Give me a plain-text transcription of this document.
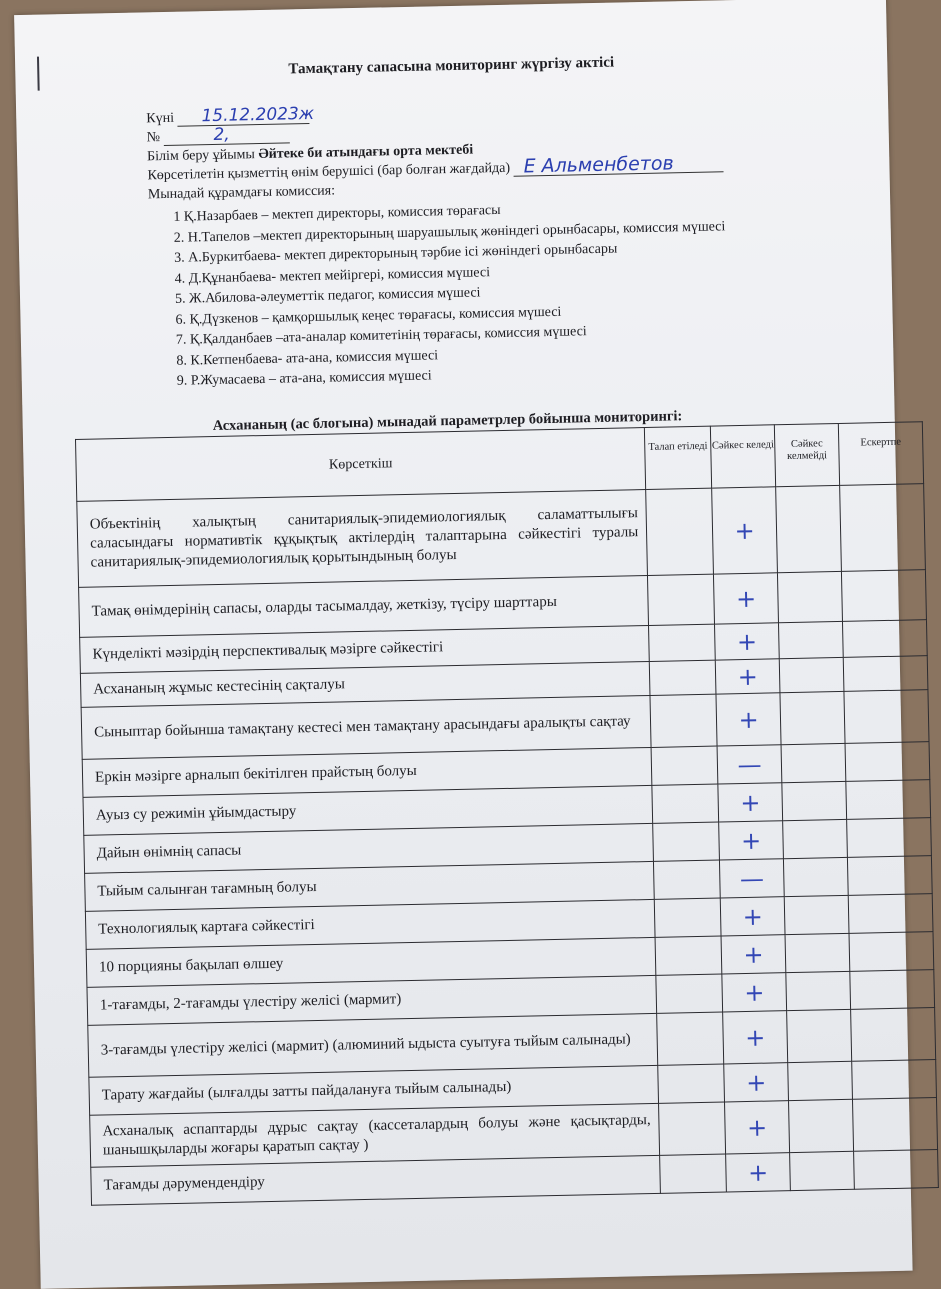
Тамақтану сапасына мониторинг жүргізу актісі
Күні 15.12.2023ж
№	2,
Білім беру ұйымы Әйтеке би атындағы орта мектебі
Көрсетілетін қызметтің өнім берушісі (бар болған жағдайда) Е Альменбетов
Мынадай құрамдағы комиссия:
1 Қ.Назарбаев – мектеп директоры, комиссия төрағасы
2. Н.Тапелов –мектеп директорының шаруашылық жөніндегі орынбасары, комиссия мүшесі
3. А.Буркитбаева- мектеп директорының тәрбие ісі жөніндегі орынбасары
4. Д.Құнанбаева- мектеп мейіргері, комиссия мүшесі
5. Ж.Абилова-әлеуметтік педагог, комиссия мүшесі
6. Қ.Дүзкенов – қамқоршылық кеңес төрағасы, комиссия мүшесі
7. Қ.Қалданбаев –ата-аналар комитетінің төрағасы, комиссия мүшесі
8. К.Кетпенбаева- ата-ана, комиссия мүшесі
9. Р.Жумасаева – ата-ана, комиссия мүшесі
Асхананың (ас блогына) мынадай параметрлер бойынша мониторингі:
Көрсеткіш	Талап етіледі	Сәйкес келеді	Сәйкес келмейді	Ескертпе
Объектінің халықтың санитариялық-эпидемиологиялық саламаттылығы саласындағы нормативтік құқықтық актілердің талаптарына сәйкестігі туралы санитариялық-эпидемиологиялық қорытындының болуы		+		
Тамақ өнімдерінің сапасы, оларды тасымалдау, жеткізу, түсіру шарттары		+		
Күнделікті мәзірдің перспективалық мәзірге сәйкестігі		+		
Асхананың жұмыс кестесінің сақталуы		+		
Сыныптар бойынша тамақтану кестесі мен тамақтану арасындағы аралықты сақтау		+		
Еркін мәзірге арналып бекітілген прайстың болуы		—		
Ауыз су режимін ұйымдастыру		+		
Дайын өнімнің сапасы		+		
Тыйым салынған тағамның болуы		—		
Технологиялық картаға сәйкестігі		+		
10 порцияны бақылап өлшеу		+		
1-тағамды, 2-тағамды үлестіру желісі (мармит)		+		
3-тағамды үлестіру желісі (мармит) (алюминий ыдыста суытуға тыйым салынады)		+		
Тарату жағдайы (ылғалды затты пайдалануға тыйым салынады)		+		
Асханалық аспаптарды дұрыс сақтау (кассеталардың болуы және қасықтарды, шанышқыларды жоғары қаратып сақтау )		+		
Тағамды дәрумендендіру		+		
